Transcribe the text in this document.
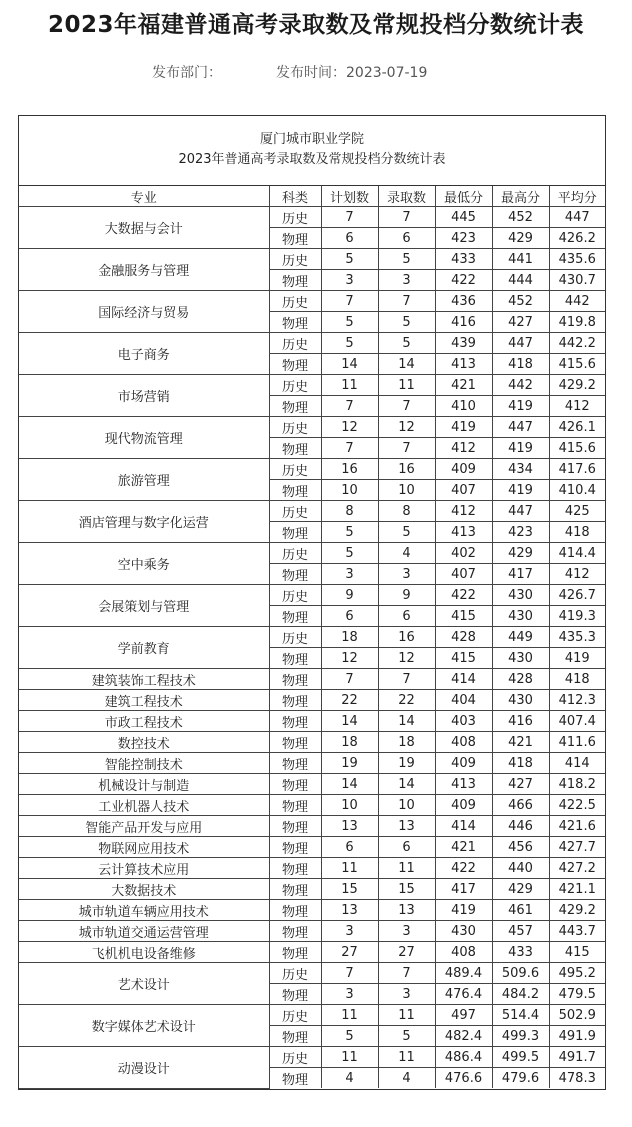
2023年福建普通高考录取数及常规投档分数统计表
发布部门：	发布时间：2023-07-19
厦门城市职业学院
2023年普通高考录取数及常规投档分数统计表
专业	科类	计划数	录取数	最低分	最高分	平均分
大数据与会计	历史	7	7	445	452	447
	物理	6	6	423	429	426.2
金融服务与管理	历史	5	5	433	441	435.6
	物理	3	3	422	444	430.7
国际经济与贸易	历史	7	7	436	452	442
	物理	5	5	416	427	419.8
电子商务	历史	5	5	439	447	442.2
	物理	14	14	413	418	415.6
市场营销	历史	11	11	421	442	429.2
	物理	7	7	410	419	412
现代物流管理	历史	12	12	419	447	426.1
	物理	7	7	412	419	415.6
旅游管理	历史	16	16	409	434	417.6
	物理	10	10	407	419	410.4
酒店管理与数字化运营	历史	8	8	412	447	425
	物理	5	5	413	423	418
空中乘务	历史	5	4	402	429	414.4
	物理	3	3	407	417	412
会展策划与管理	历史	9	9	422	430	426.7
	物理	6	6	415	430	419.3
学前教育	历史	18	16	428	449	435.3
	物理	12	12	415	430	419
建筑装饰工程技术	物理	7	7	414	428	418
建筑工程技术	物理	22	22	404	430	412.3
市政工程技术	物理	14	14	403	416	407.4
数控技术	物理	18	18	408	421	411.6
智能控制技术	物理	19	19	409	418	414
机械设计与制造	物理	14	14	413	427	418.2
工业机器人技术	物理	10	10	409	466	422.5
智能产品开发与应用	物理	13	13	414	446	421.6
物联网应用技术	物理	6	6	421	456	427.7
云计算技术应用	物理	11	11	422	440	427.2
大数据技术	物理	15	15	417	429	421.1
城市轨道车辆应用技术	物理	13	13	419	461	429.2
城市轨道交通运营管理	物理	3	3	430	457	443.7
飞机机电设备维修	物理	27	27	408	433	415
艺术设计	历史	7	7	489.4	509.6	495.2
	物理	3	3	476.4	484.2	479.5
数字媒体艺术设计	历史	11	11	497	514.4	502.9
	物理	5	5	482.4	499.3	491.9
动漫设计	历史	11	11	486.4	499.5	491.7
	物理	4	4	476.6	479.6	478.3
